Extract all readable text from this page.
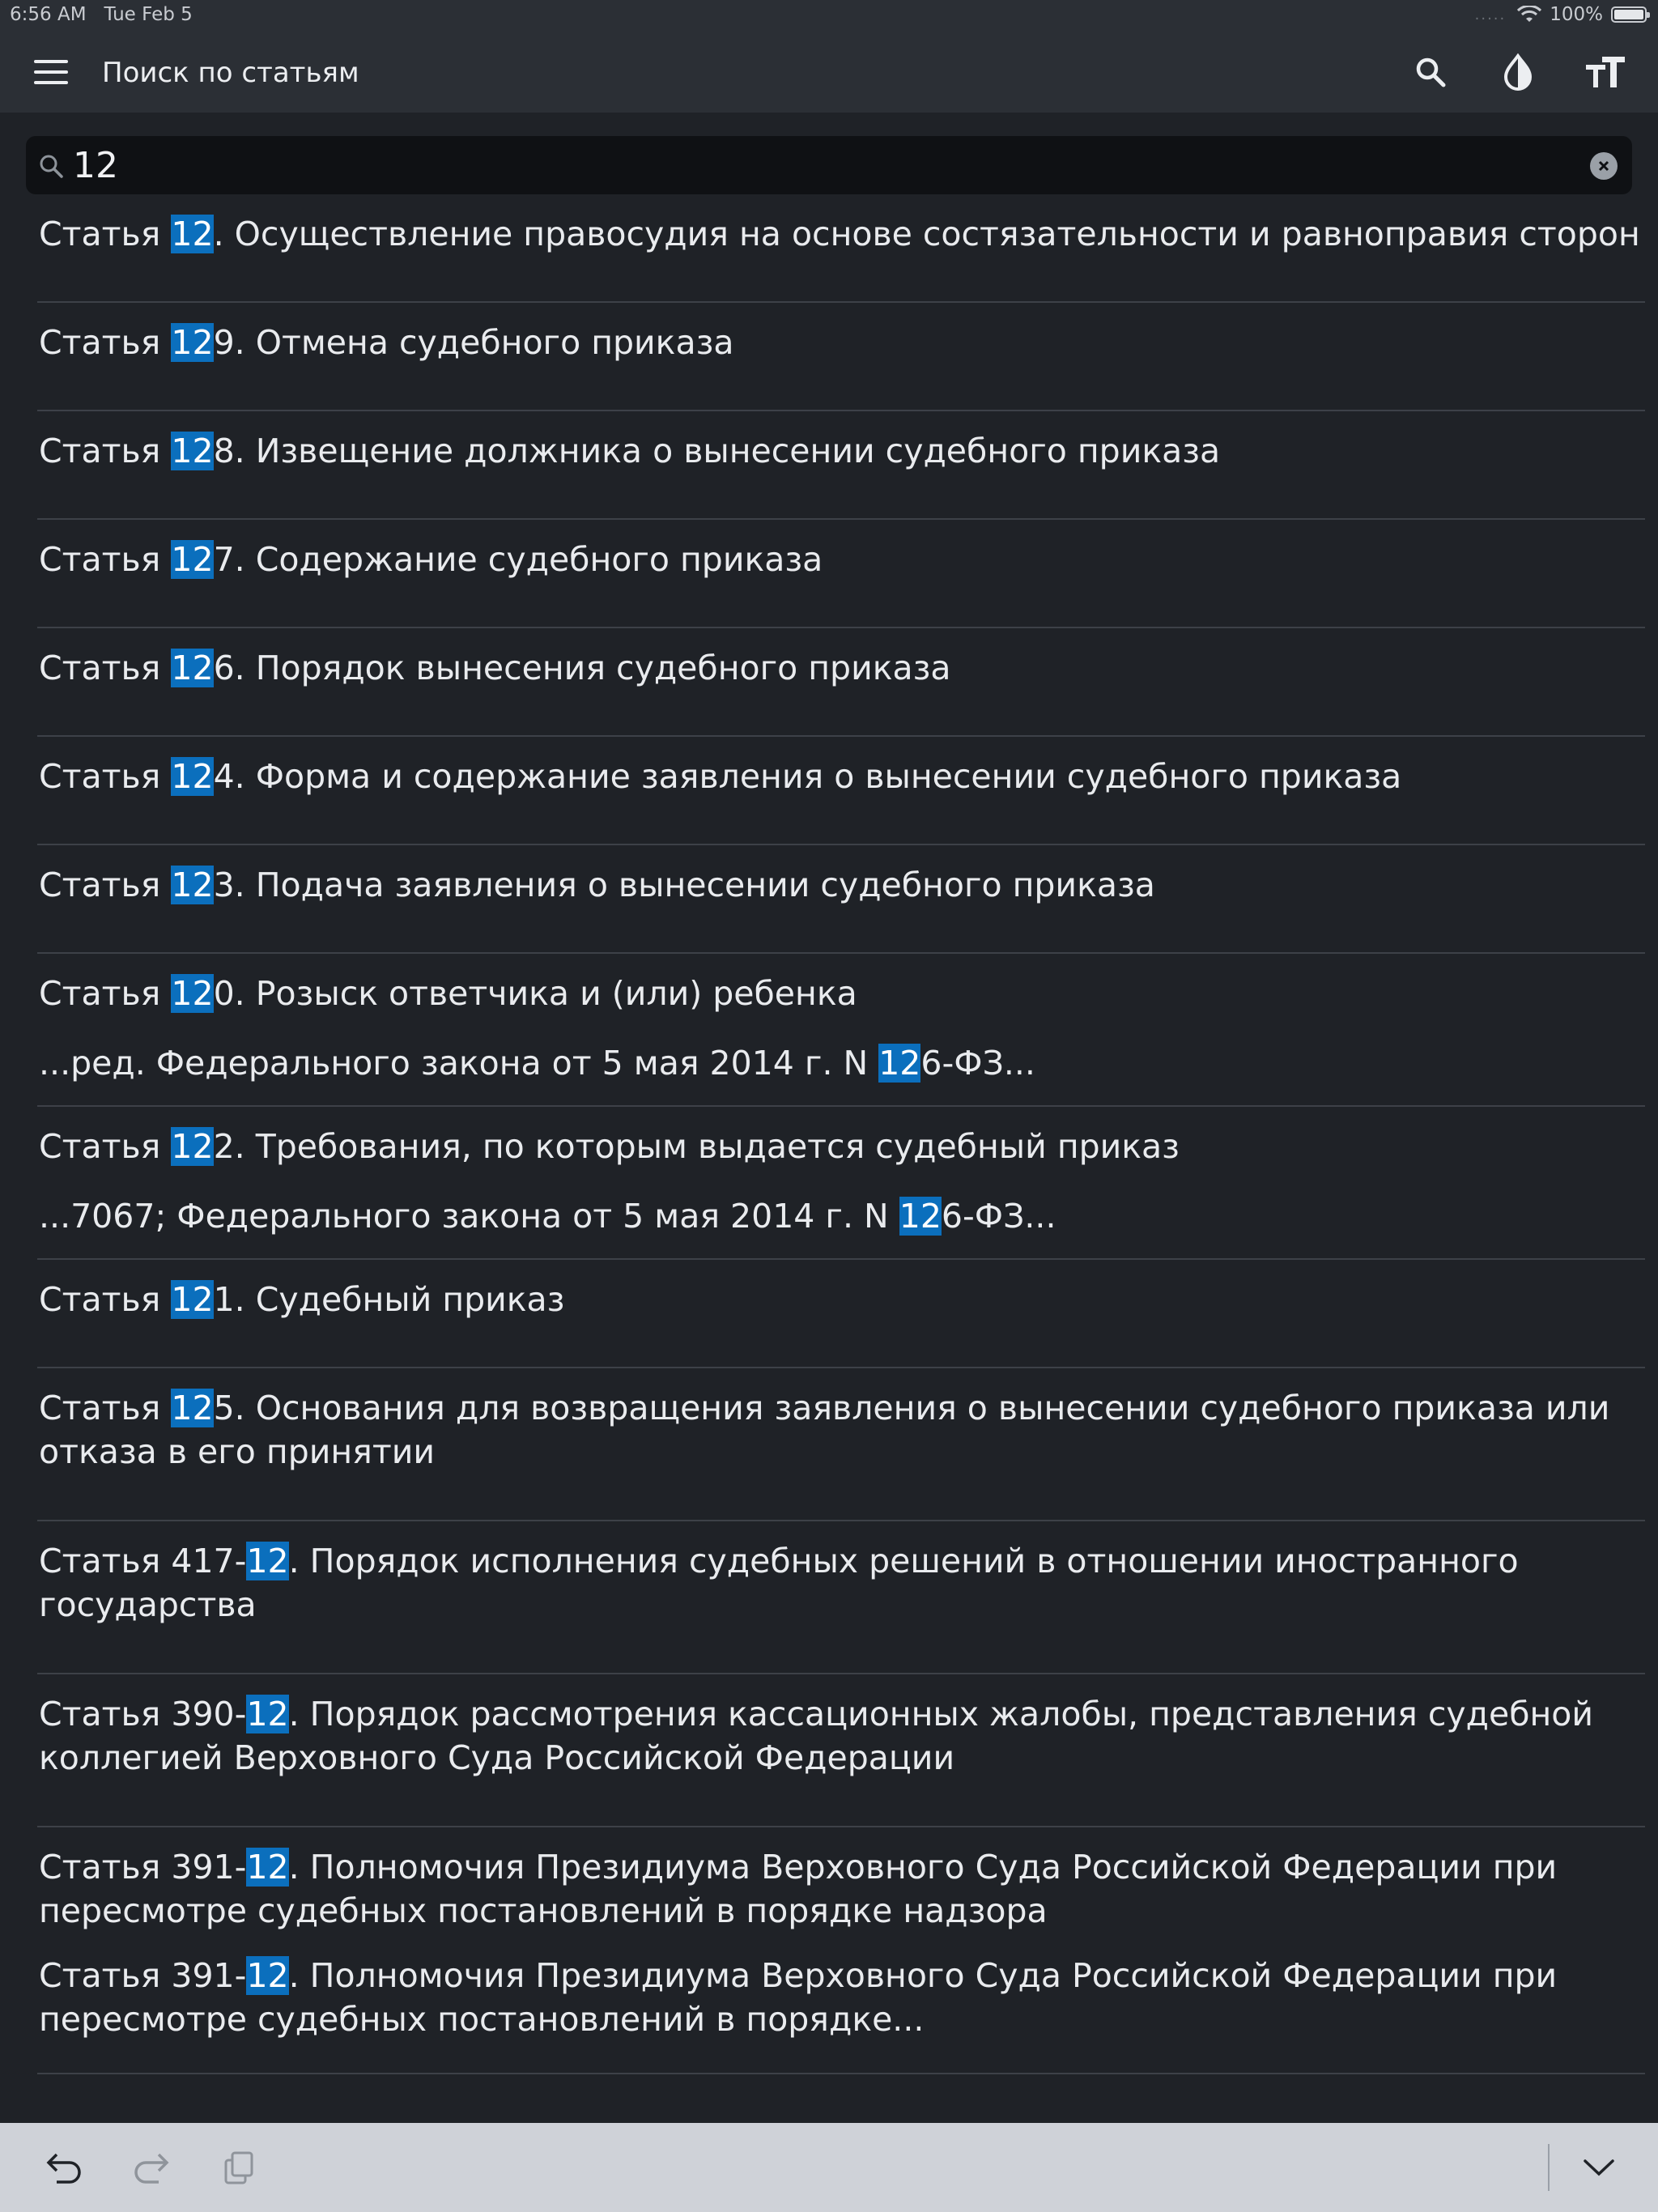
6:56 AM Tue Feb 5	..... 100%
Поиск по статьям
12
Статья 12. Осуществление правосудия на основе состязательности и равноправия сторон
Статья 129. Отмена судебного приказа
Статья 128. Извещение должника о вынесении судебного приказа
Статья 127. Содержание судебного приказа
Статья 126. Порядок вынесения судебного приказа
Статья 124. Форма и содержание заявления о вынесении судебного приказа
Статья 123. Подача заявления о вынесении судебного приказа
Статья 120. Розыск ответчика и (или) ребенка
...ред. Федерального закона от 5 мая 2014 г. N 126-ФЗ...
Статья 122. Требования, по которым выдается судебный приказ
...7067; Федерального закона от 5 мая 2014 г. N 126-ФЗ...
Статья 121. Судебный приказ
Статья 125. Основания для возвращения заявления о вынесении судебного приказа или отказа в его принятии
Статья 417-12. Порядок исполнения судебных решений в отношении иностранного государства
Статья 390-12. Порядок рассмотрения кассационных жалобы, представления судебной коллегией Верховного Суда Российской Федерации
Статья 391-12. Полномочия Президиума Верховного Суда Российской Федерации при пересмотре судебных постановлений в порядке надзора
Статья 391-12. Полномочия Президиума Верховного Суда Российской Федерации при пересмотре судебных постановлений в порядке...
